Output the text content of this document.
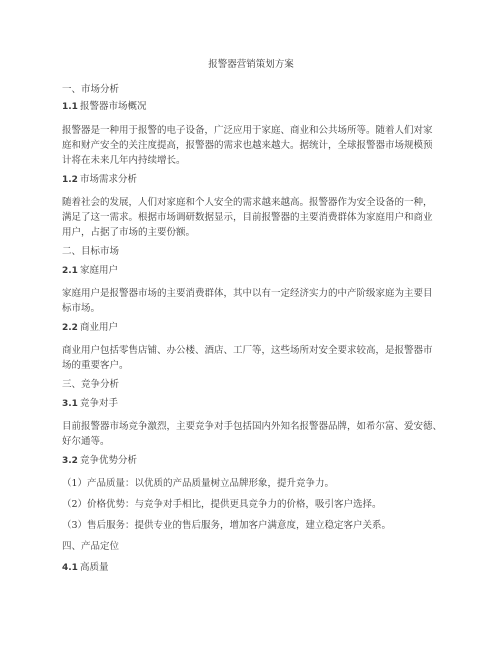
报警器营销策划方案
一、市场分析
1.1 报警器市场概况
报警器是一种用于报警的电子设备，广泛应用于家庭、商业和公共场所等。随着人们对家
庭和财产安全的关注度提高，报警器的需求也越来越大。据统计，全球报警器市场规模预
计将在未来几年内持续增长。
1.2 市场需求分析
随着社会的发展，人们对家庭和个人安全的需求越来越高。报警器作为安全设备的一种，
满足了这一需求。根据市场调研数据显示，目前报警器的主要消费群体为家庭用户和商业
用户，占据了市场的主要份额。
二、目标市场
2.1 家庭用户
家庭用户是报警器市场的主要消费群体，其中以有一定经济实力的中产阶级家庭为主要目
标市场。
2.2 商业用户
商业用户包括零售店铺、办公楼、酒店、工厂等，这些场所对安全要求较高，是报警器市
场的重要客户。
三、竞争分析
3.1 竞争对手
目前报警器市场竞争激烈，主要竞争对手包括国内外知名报警器品牌，如希尔富、爱安德、
好尔通等。
3.2 竞争优势分析
（1）产品质量：以优质的产品质量树立品牌形象，提升竞争力。
（2）价格优势：与竞争对手相比，提供更具竞争力的价格，吸引客户选择。
（3）售后服务：提供专业的售后服务，增加客户满意度，建立稳定客户关系。
四、产品定位
4.1 高质量
